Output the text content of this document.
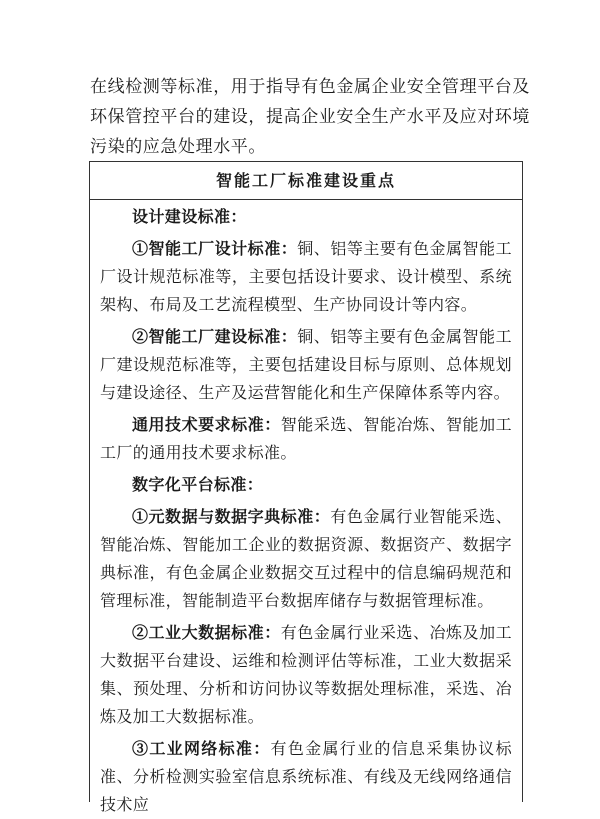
在线检测等标准，用于指导有色金属企业安全管理平台及环保管控平台的建设，提高企业安全生产水平及应对环境污染的应急处理水平。
智能工厂标准建设重点
设计建设标准：

①智能工厂设计标准：铜、铝等主要有色金属智能工厂设计规范标准等，主要包括设计要求、设计模型、系统架构、布局及工艺流程模型、生产协同设计等内容。

②智能工厂建设标准：铜、铝等主要有色金属智能工厂建设规范标准等，主要包括建设目标与原则、总体规划与建设途径、生产及运营智能化和生产保障体系等内容。

通用技术要求标准：智能采选、智能冶炼、智能加工工厂的通用技术要求标准。

数字化平台标准：

①元数据与数据字典标准：有色金属行业智能采选、智能冶炼、智能加工企业的数据资源、数据资产、数据字典标准，有色金属企业数据交互过程中的信息编码规范和管理标准，智能制造平台数据库储存与数据管理标准。

②工业大数据标准：有色金属行业采选、冶炼及加工大数据平台建设、运维和检测评估等标准，工业大数据采集、预处理、分析和访问协议等数据处理标准，采选、冶炼及加工大数据标准。

③工业网络标准：有色金属行业的信息采集协议标准、分析检测实验室信息系统标准、有线及无线网络通信技术应
